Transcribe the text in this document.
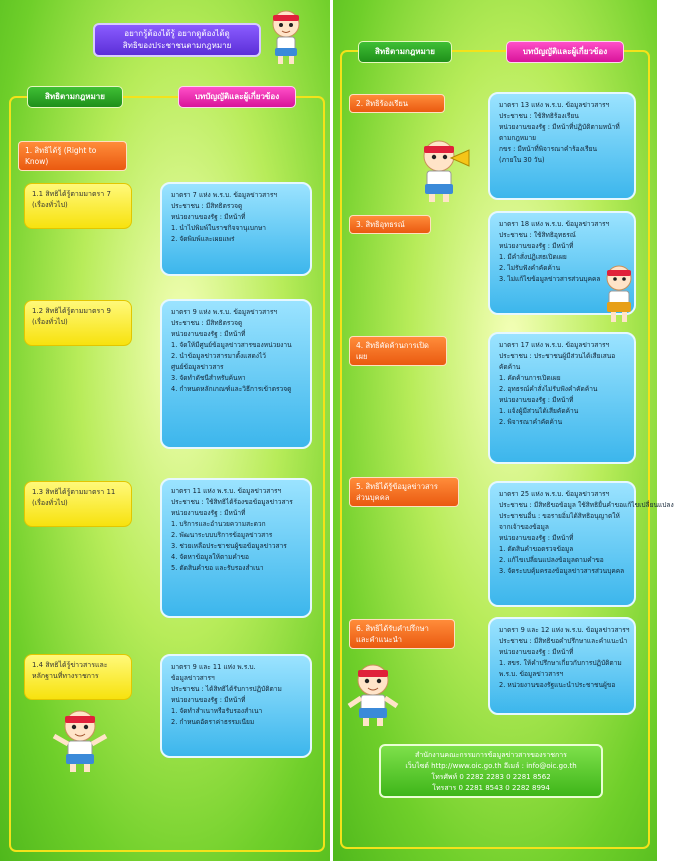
อยากรู้ต้องได้รู้ อยากดูต้องได้ดู
สิทธิของประชาชนตามกฎหมาย
สิทธิตามกฎหมาย	บทบัญญัติและผู้เกี่ยวข้อง
1. สิทธิได้รู้ (Right to Know)
1.1 สิทธิได้รู้ตามมาตรา 7
(เรื่องทั่วไป)
มาตรา 7 แห่ง พ.ร.บ. ข้อมูลข่าวสารฯ
ประชาชน : มีสิทธิตรวจดู
หน่วยงานของรัฐ : มีหน้าที่
1. นำไปพิมพ์ในราชกิจจานุเบกษา
2. จัดพิมพ์และเผยแพร่
1.2 สิทธิได้รู้ตามมาตรา 9
(เรื่องทั่วไป)
มาตรา 9 แห่ง พ.ร.บ. ข้อมูลข่าวสารฯ
ประชาชน : มีสิทธิตรวจดู
หน่วยงานของรัฐ : มีหน้าที่
1. จัดให้มีศูนย์ข้อมูลข่าวสารของหน่วยงาน
2. นำข้อมูลข่าวสารมาตั้งแสดงไว้
ศูนย์ข้อมูลข่าวสาร
3. จัดทำดัชนีสำหรับค้นหา
4. กำหนดหลักเกณฑ์และวิธีการเข้าตรวจดู
1.3 สิทธิได้รู้ตามมาตรา 11
(เรื่องทั่วไป)
มาตรา 11 แห่ง พ.ร.บ. ข้อมูลข่าวสารฯ
ประชาชน : ใช้สิทธิได้ร้องขอข้อมูลข่าวสาร
หน่วยงานของรัฐ : มีหน้าที่
1. บริการและอำนวยความสะดวก
2. พัฒนาระบบบริการข้อมูลข่าวสาร
3. ช่วยเหลือประชาชนผู้ขอข้อมูลข่าวสาร
4. จัดหาข้อมูลให้ตามคำขอ
5. ตัดสินคำขอ และรับรองสำเนา
1.4 สิทธิได้รู้ข่าวสารและ
หลักฐานที่ทางราชการ
มาตรา 9 และ 11 แห่ง พ.ร.บ.
ข้อมูลข่าวสารฯ
ประชาชน : ได้สิทธิได้รับการปฏิบัติตาม
หน่วยงานของรัฐ : มีหน้าที่
1. จัดทำสำเนาหรือรับรองสำเนา
2. กำหนดอัตราค่าธรรมเนียม
สิทธิตามกฎหมาย	บทบัญญัติและผู้เกี่ยวข้อง
2. สิทธิร้องเรียน	มาตรา 13 แห่ง พ.ร.บ. ข้อมูลข่าวสารฯ
ประชาชน : ใช้สิทธิร้องเรียน
หน่วยงานของรัฐ : มีหน้าที่ปฏิบัติตามหน้าที่
ตามกฎหมาย
กขร : มีหน้าที่พิจารณาคำร้องเรียน
(ภายใน 30 วัน)
3. สิทธิอุทธรณ์	มาตรา 18 แห่ง พ.ร.บ. ข้อมูลข่าวสารฯ
ประชาชน : ใช้สิทธิอุทธรณ์
หน่วยงานของรัฐ : มีหน้าที่
1. มีคำสั่งปฏิเสธเปิดเผย
2. ไม่รับฟังคำคัดค้าน
3. ไม่แก้ไขข้อมูลข่าวสารส่วนบุคคล
4. สิทธิคัดค้านการเปิดเผย
มาตรา 17 แห่ง พ.ร.บ. ข้อมูลข่าวสารฯ
ประชาชน : ประชาชนผู้มีส่วนได้เสียเสนอ
คัดค้าน
1. คัดค้านการเปิดเผย
2. อุทธรณ์คำสั่งไม่รับฟังคำคัดค้าน
หน่วยงานของรัฐ : มีหน้าที่
1. แจ้งผู้มีส่วนได้เสียคัดค้าน
2. พิจารณาคำคัดค้าน
5. สิทธิได้รู้ข้อมูลข่าวสาร
ส่วนบุคคล	มาตรา 25 แห่ง พ.ร.บ. ข้อมูลข่าวสารฯ
ประชาชน : มีสิทธิขอข้อมูล ใช้สิทธิยื่นคำขอแก้ไขเปลี่ยนแปลง
ประชาชนอื่น : ขอรายอิ่มได้สิทธิอนุญาตให้
จากเจ้าของข้อมูล
หน่วยงานของรัฐ : มีหน้าที่
1. ตัดสินคำขอตรวจข้อมูล
2. แก้ไขเปลี่ยนแปลงข้อมูลตามคำขอ
3. จัดระบบคุ้มครองข้อมูลข่าวสารส่วนบุคคล
6. สิทธิได้รับคำปรึกษา
และคำแนะนำ
มาตรา 9 และ 12 แห่ง พ.ร.บ. ข้อมูลข่าวสารฯ
ประชาชน : มีสิทธิขอคำปรึกษาและคำแนะนำ
หน่วยงานของรัฐ : มีหน้าที่
1. สขร. ให้คำปรึกษาเกี่ยวกับการปฏิบัติตาม
พ.ร.บ. ข้อมูลข่าวสารฯ
2. หน่วยงานของรัฐแนะนำประชาชนผู้ขอ
สำนักงานคณะกรรมการข้อมูลข่าวสารของราชการ
เว็บไซต์ http://www.oic.go.th อีเมล์ : info@oic.go.th
โทรศัพท์ 0 2282 2283 0 2281 8562
โทรสาร 0 2281 8543 0 2282 8994
